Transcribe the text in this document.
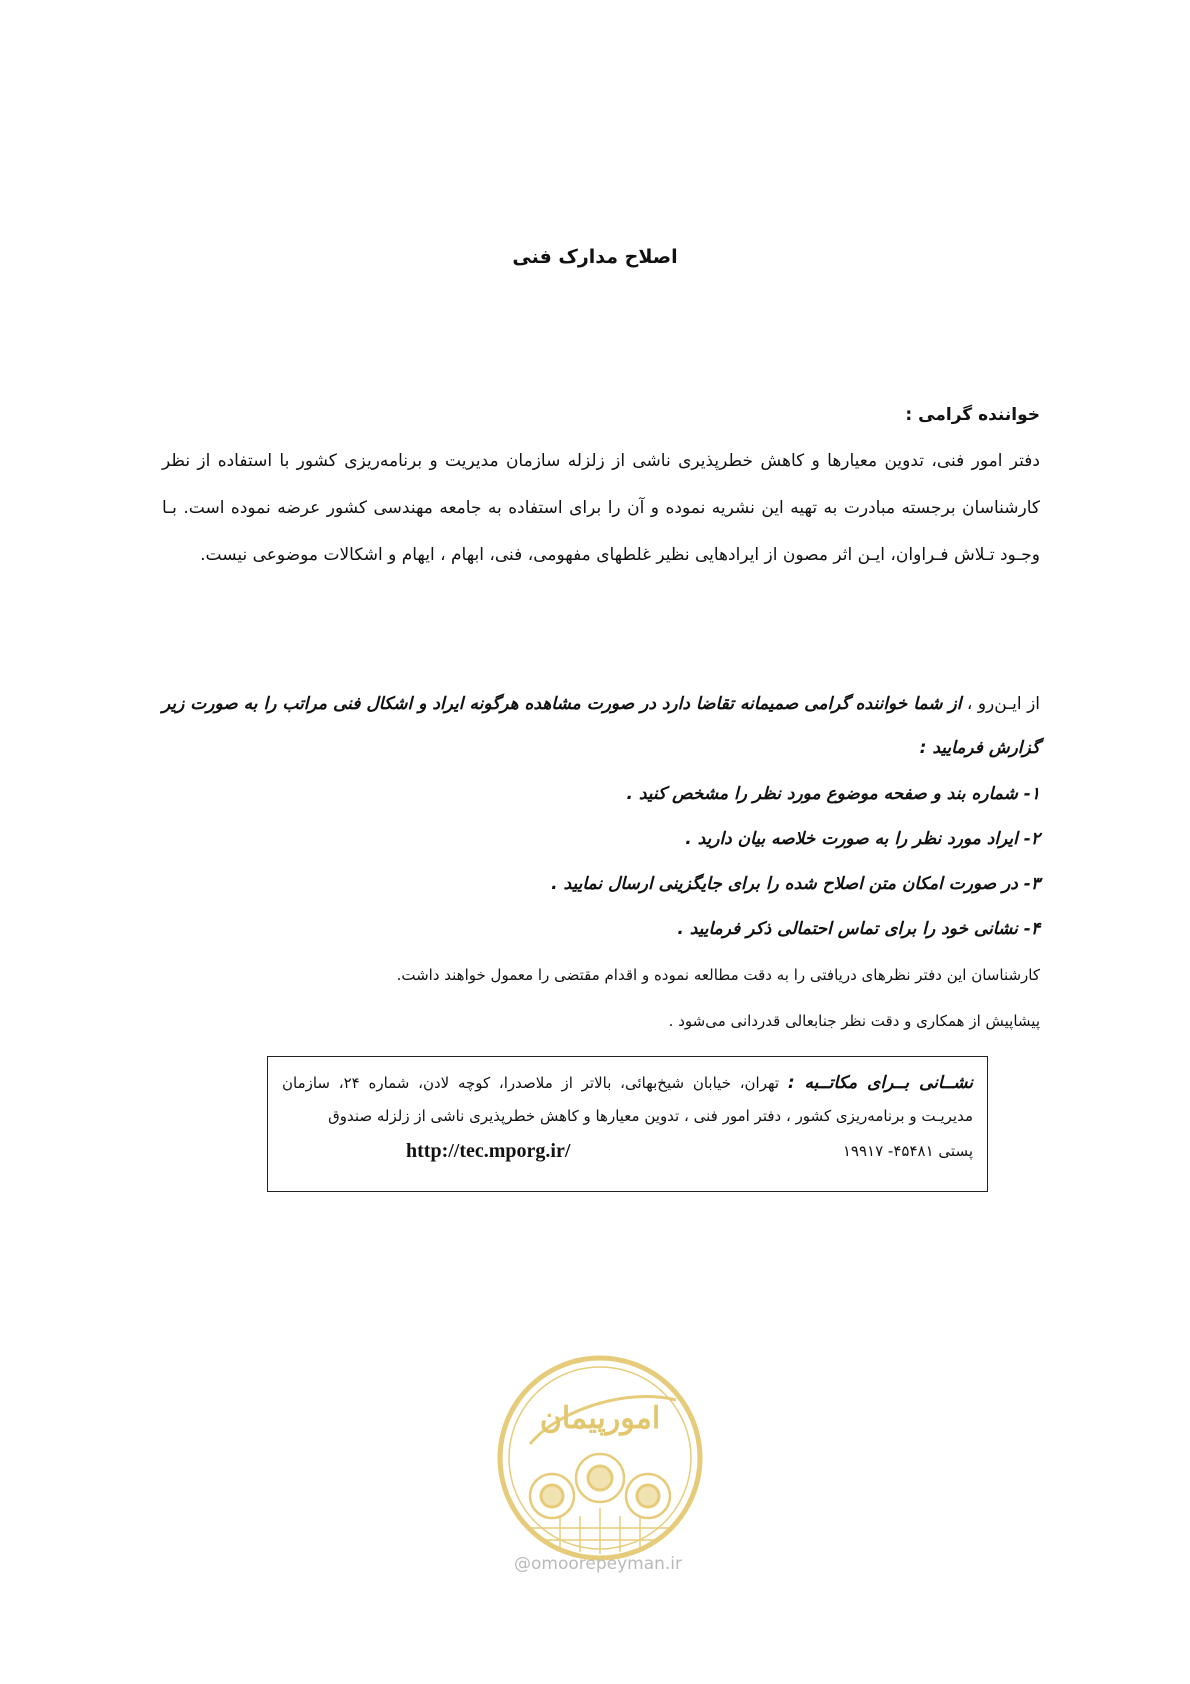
اصلاح مدارک فنی
خواننده گرامی :
دفتر امور فنی، تدوین معیارها و کاهش خطرپذیری ناشی از زلزله سازمان مدیریت و برنامه‌ریزی کشور با استفاده از نظر کارشناسان برجسته مبادرت به تهیه این نشریه نموده و آن را برای استفاده به جامعه مهندسی کشور عرضه نموده است. بـا وجـود تـلاش فـراوان، ایـن اثر مصون از ایرادهایی نظیر غلطهای مفهومی، فنی، ابهام ، ایهام و اشکالات موضوعی نیست.
از ایـن‌رو ، از شما خواننده گرامی صمیمانه تقاضا دارد در صورت مشاهده هرگونه ایراد و اشکال فنی مراتب را به صورت زیر گزارش فرمایید :
۱- شماره بند و صفحه موضوع مورد نظر را مشخص کنید .
۲- ایراد مورد نظر را به صورت خلاصه بیان دارید .
۳- در صورت امکان متن اصلاح شده را برای جایگزینی ارسال نمایید .
۴- نشانی خود را برای تماس احتمالی ذکر فرمایید .
کارشناسان این دفتر نظرهای دریافتی را به دقت مطالعه نموده و اقدام مقتضی را معمول خواهند داشت.
پیشاپیش از همکاری و دقت نظر جنابعالی قدردانی می‌شود .
نشــانی بــرای مکاتــبه : تهران، خیابان شیخ‌بهائی، بالاتر از ملاصدرا، کوچه لادن، شماره ۲۴، سازمان مدیریـت و برنامه‌ریزی کشور ، دفتر امور فنی ، تدوین معیارها و کاهش خطرپذیری ناشی از زلزله صندوق
پستی ۴۵۴۸۱- ۱۹۹۱۷
http://tec.mporg.ir/
امورپیمان
@omoorepeyman.ir
